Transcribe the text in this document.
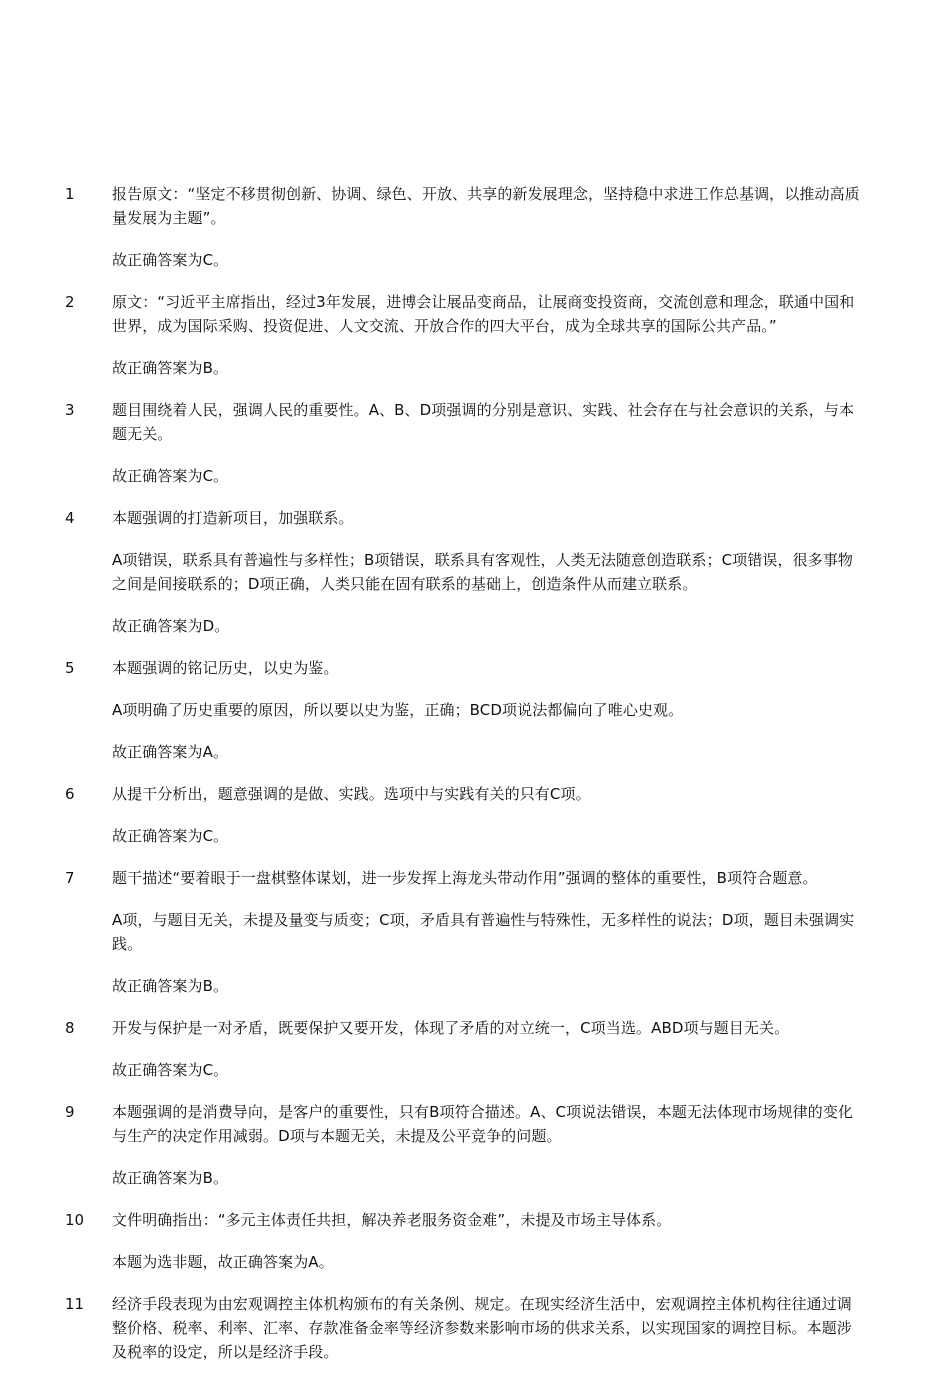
1	报告原文：“坚定不移贯彻创新、协调、绿色、开放、共享的新发展理念，坚持稳中求进工作总基调，以推动高质量发展为主题”。

故正确答案为C。

2	原文：“习近平主席指出，经过3年发展，进博会让展品变商品，让展商变投资商，交流创意和理念，联通中国和世界，成为国际采购、投资促进、人文交流、开放合作的四大平台，成为全球共享的国际公共产品。”

故正确答案为B。

3	题目围绕着人民，强调人民的重要性。A、B、D项强调的分别是意识、实践、社会存在与社会意识的关系，与本题无关。

故正确答案为C。

4	本题强调的打造新项目，加强联系。

A项错误，联系具有普遍性与多样性；B项错误，联系具有客观性，人类无法随意创造联系；C项错误，很多事物之间是间接联系的；D项正确，人类只能在固有联系的基础上，创造条件从而建立联系。

故正确答案为D。

5	本题强调的铭记历史，以史为鉴。

A项明确了历史重要的原因，所以要以史为鉴，正确；BCD项说法都偏向了唯心史观。

故正确答案为A。

6	从提干分析出，题意强调的是做、实践。选项中与实践有关的只有C项。

故正确答案为C。

7	题干描述“要着眼于一盘棋整体谋划，进一步发挥上海龙头带动作用”强调的整体的重要性，B项符合题意。

A项，与题目无关，未提及量变与质变；C项，矛盾具有普遍性与特殊性，无多样性的说法；D项，题目未强调实践。

故正确答案为B。

8	开发与保护是一对矛盾，既要保护又要开发，体现了矛盾的对立统一，C项当选。ABD项与题目无关。

故正确答案为C。

9	本题强调的是消费导向，是客户的重要性，只有B项符合描述。A、C项说法错误，本题无法体现市场规律的变化与生产的决定作用减弱。D项与本题无关，未提及公平竞争的问题。

故正确答案为B。

10	文件明确指出：“多元主体责任共担，解决养老服务资金难”，未提及市场主导体系。

本题为选非题，故正确答案为A。

11	经济手段表现为由宏观调控主体机构颁布的有关条例、规定。在现实经济生活中，宏观调控主体机构往往通过调整价格、税率、利率、汇率、存款准备金率等经济参数来影响市场的供求关系，以实现国家的调控目标。本题涉及税率的设定，所以是经济手段。
